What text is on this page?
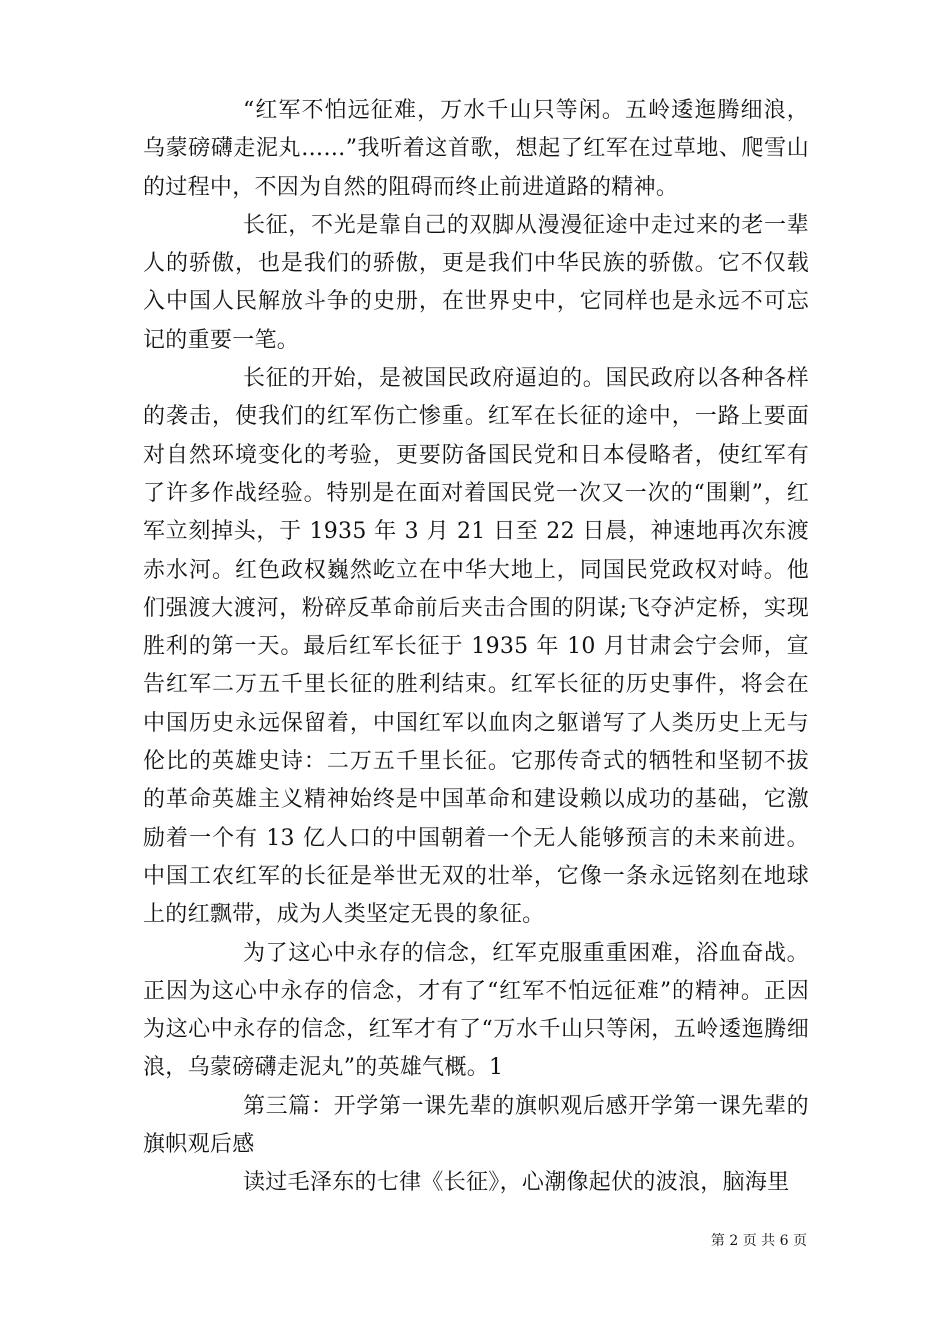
“红军不怕远征难，万水千山只等闲。五岭逶迤腾细浪，乌蒙磅礴走泥丸……”我听着这首歌，想起了红军在过草地、爬雪山的过程中，不因为自然的阻碍而终止前进道路的精神。

长征，不光是靠自己的双脚从漫漫征途中走过来的老一辈人的骄傲，也是我们的骄傲，更是我们中华民族的骄傲。它不仅载入中国人民解放斗争的史册，在世界史中，它同样也是永远不可忘记的重要一笔。

长征的开始，是被国民政府逼迫的。国民政府以各种各样的袭击，使我们的红军伤亡惨重。红军在长征的途中，一路上要面对自然环境变化的考验，更要防备国民党和日本侵略者，使红军有了许多作战经验。特别是在面对着国民党一次又一次的“围剿”，红军立刻掉头，于 1935 年 3 月 21 日至 22 日晨，神速地再次东渡赤水河。红色政权巍然屹立在中华大地上，同国民党政权对峙。他们强渡大渡河，粉碎反革命前后夹击合围的阴谋;飞夺泸定桥，实现胜利的第一天。最后红军长征于 1935 年 10 月甘肃会宁会师，宣告红军二万五千里长征的胜利结束。红军长征的历史事件，将会在中国历史永远保留着，中国红军以血肉之躯谱写了人类历史上无与伦比的英雄史诗：二万五千里长征。它那传奇式的牺牲和坚韧不拔的革命英雄主义精神始终是中国革命和建设赖以成功的基础，它激励着一个有 13 亿人口的中国朝着一个无人能够预言的未来前进。中国工农红军的长征是举世无双的壮举，它像一条永远铭刻在地球上的红飘带，成为人类坚定无畏的象征。

为了这心中永存的信念，红军克服重重困难，浴血奋战。正因为这心中永存的信念，才有了“红军不怕远征难”的精神。正因为这心中永存的信念，红军才有了“万水千山只等闲，五岭逶迤腾细浪，乌蒙磅礴走泥丸”的英雄气概。1

第三篇：开学第一课先辈的旗帜观后感开学第一课先辈的旗帜观后感

读过毛泽东的七律《长征》，心潮像起伏的波浪，脑海里

第 2 页 共 6 页
